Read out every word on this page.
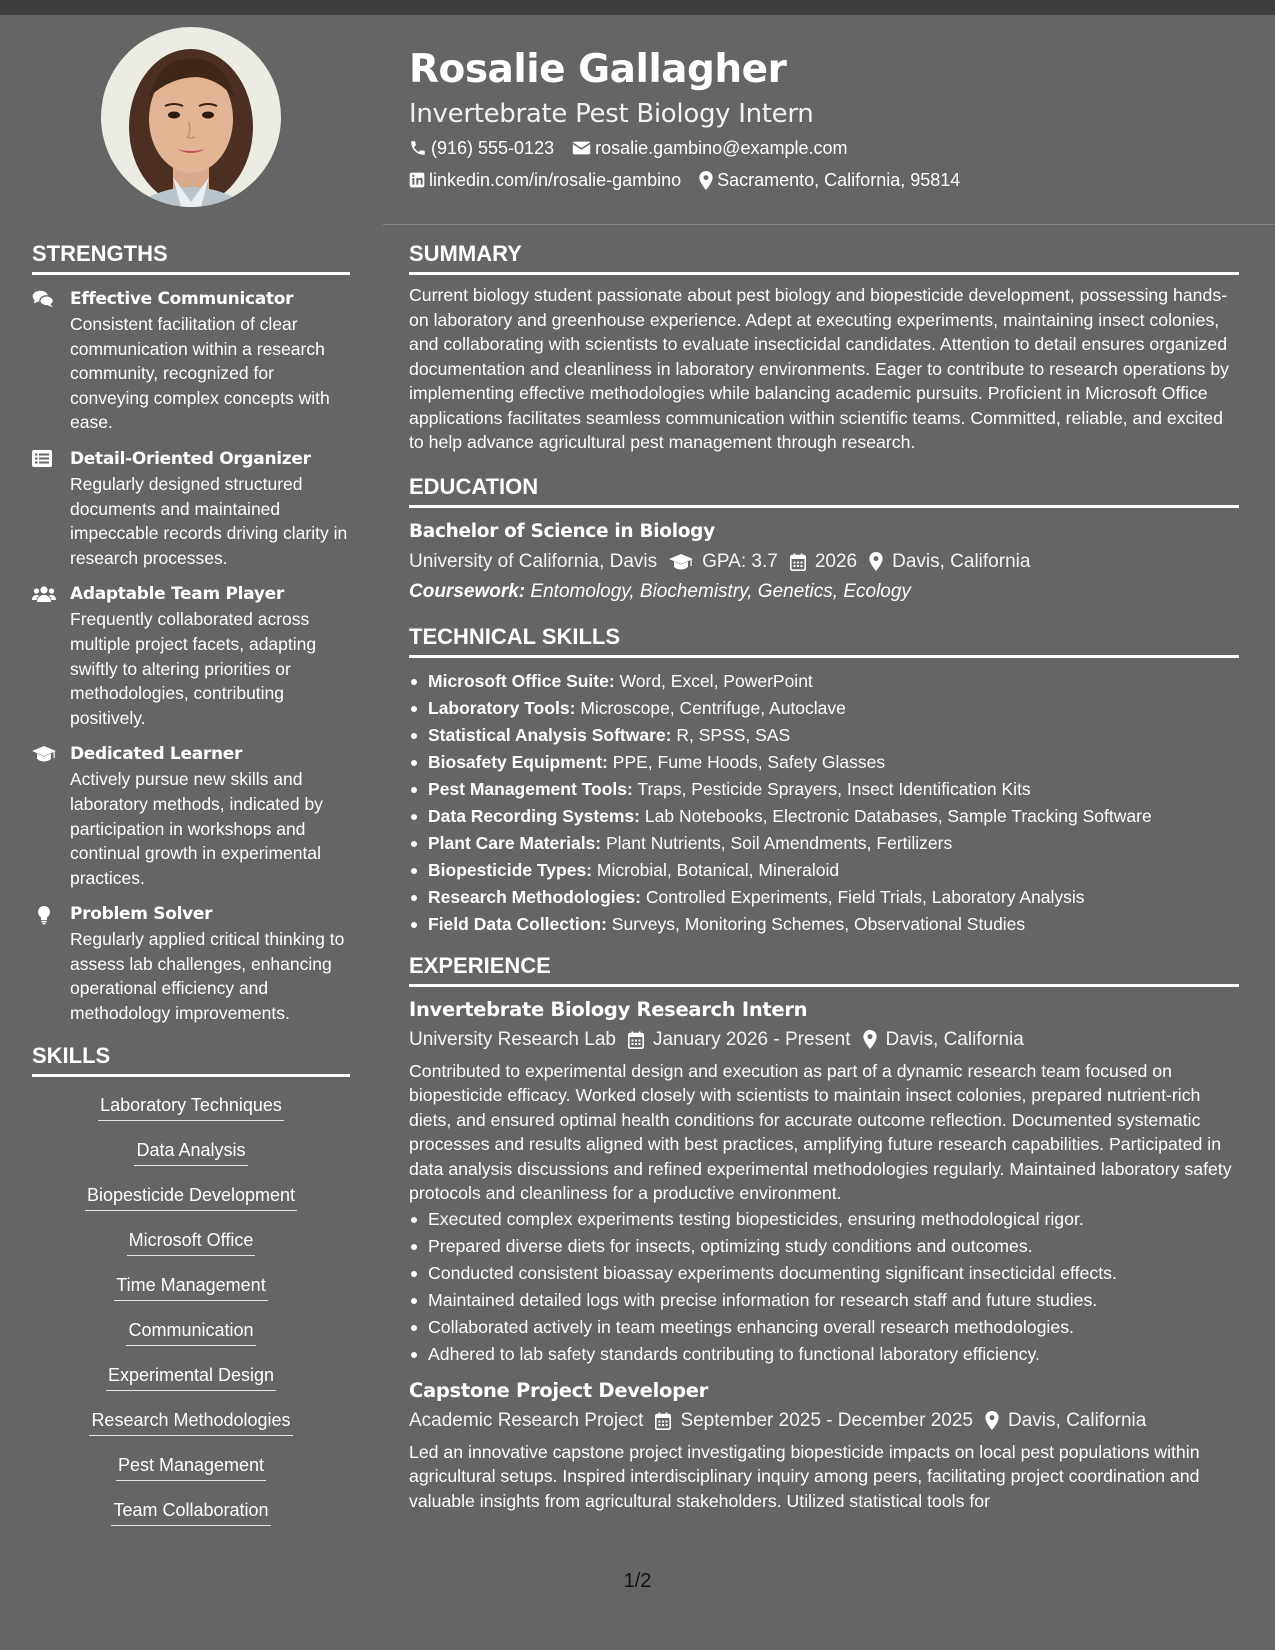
Rosalie Gallagher

Invertebrate Pest Biology Intern

(916) 555-0123 rosalie.gambino@example.com
linkedin.com/in/rosalie-gambino Sacramento, California, 95814
STRENGTHS
Effective Communicator
Consistent facilitation of clear communication within a research community, recognized for conveying complex concepts with ease.
Detail-Oriented Organizer
Regularly designed structured documents and maintained impeccable records driving clarity in research processes.
Adaptable Team Player
Frequently collaborated across multiple project facets, adapting swiftly to altering priorities or methodologies, contributing positively.
Dedicated Learner
Actively pursue new skills and laboratory methods, indicated by participation in workshops and continual growth in experimental practices.
Problem Solver
Regularly applied critical thinking to assess lab challenges, enhancing operational efficiency and methodology improvements.
SKILLS
Laboratory Techniques
Data Analysis
Biopesticide Development
Microsoft Office
Time Management
Communication
Experimental Design
Research Methodologies
Pest Management
Team Collaboration
SUMMARY

Current biology student passionate about pest biology and biopesticide development, possessing hands-on laboratory and greenhouse experience. Adept at executing experiments, maintaining insect colonies, and collaborating with scientists to evaluate insecticidal candidates. Attention to detail ensures organized documentation and cleanliness in laboratory environments. Eager to contribute to research operations by implementing effective methodologies while balancing academic pursuits. Proficient in Microsoft Office applications facilitates seamless communication within scientific teams. Committed, reliable, and excited to help advance agricultural pest management through research.

EDUCATION
Bachelor of Science in Biology
University of California, Davis GPA: 3.7 2026 Davis, California
Coursework: Entomology, Biochemistry, Genetics, Ecology
TECHNICAL SKILLS
Microsoft Office Suite: Word, Excel, PowerPoint
Laboratory Tools: Microscope, Centrifuge, Autoclave
Statistical Analysis Software: R, SPSS, SAS
Biosafety Equipment: PPE, Fume Hoods, Safety Glasses
Pest Management Tools: Traps, Pesticide Sprayers, Insect Identification Kits
Data Recording Systems: Lab Notebooks, Electronic Databases, Sample Tracking Software
Plant Care Materials: Plant Nutrients, Soil Amendments, Fertilizers
Biopesticide Types: Microbial, Botanical, Mineraloid
Research Methodologies: Controlled Experiments, Field Trials, Laboratory Analysis
Field Data Collection: Surveys, Monitoring Schemes, Observational Studies
EXPERIENCE
Invertebrate Biology Research Intern
University Research Lab January 2026 - Present Davis, California
Contributed to experimental design and execution as part of a dynamic research team focused on biopesticide efficacy. Worked closely with scientists to maintain insect colonies, prepared nutrient-rich diets, and ensured optimal health conditions for accurate outcome reflection. Documented systematic processes and results aligned with best practices, amplifying future research capabilities. Participated in data analysis discussions and refined experimental methodologies regularly. Maintained laboratory safety protocols and cleanliness for a productive environment.
Executed complex experiments testing biopesticides, ensuring methodological rigor.
Prepared diverse diets for insects, optimizing study conditions and outcomes.
Conducted consistent bioassay experiments documenting significant insecticidal effects.
Maintained detailed logs with precise information for research staff and future studies.
Collaborated actively in team meetings enhancing overall research methodologies.
Adhered to lab safety standards contributing to functional laboratory efficiency.
Capstone Project Developer
Academic Research Project September 2025 - December 2025 Davis, California
Led an innovative capstone project investigating biopesticide impacts on local pest populations within agricultural setups. Inspired interdisciplinary inquiry among peers, facilitating project coordination and valuable insights from agricultural stakeholders. Utilized statistical tools for
1/2
